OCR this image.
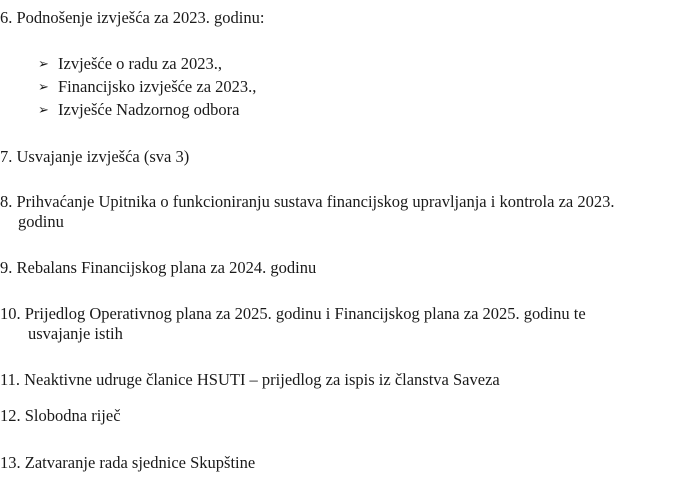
6. Podnošenje izvješća za 2023. godinu:
➢ Izvješće o radu za 2023.,
➢ Financijsko izvješće za 2023.,
➢ Izvješće Nadzornog odbora
7. Usvajanje izvješća (sva 3)
8. Prihvaćanje Upitnika o funkcioniranju sustava financijskog upravljanja i kontrola za 2023.
godinu
9. Rebalans Financijskog plana za 2024. godinu
10. Prijedlog Operativnog plana za 2025. godinu i Financijskog plana za 2025. godinu te
usvajanje istih
11. Neaktivne udruge članice HSUTI – prijedlog za ispis iz članstva Saveza
12. Slobodna riječ
13. Zatvaranje rada sjednice Skupštine
